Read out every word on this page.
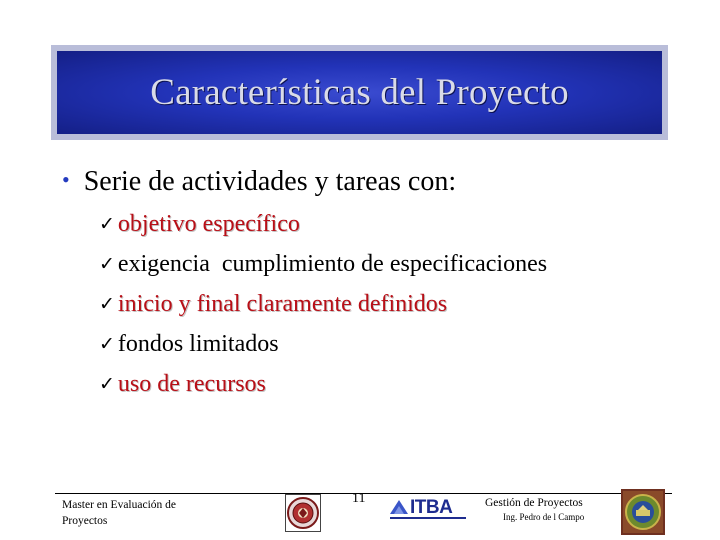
Características del Proyecto
• Serie de actividades y tareas con:
✓ objetivo específico
✓ exigencia  cumplimiento de especificaciones
✓ inicio y final claramente definidos
✓ fondos limitados
✓ uso de recursos
Master en Evaluación de
Proyectos
ITBA
11	Gestión de Proyectos
Ing. Pedro de l Campo
